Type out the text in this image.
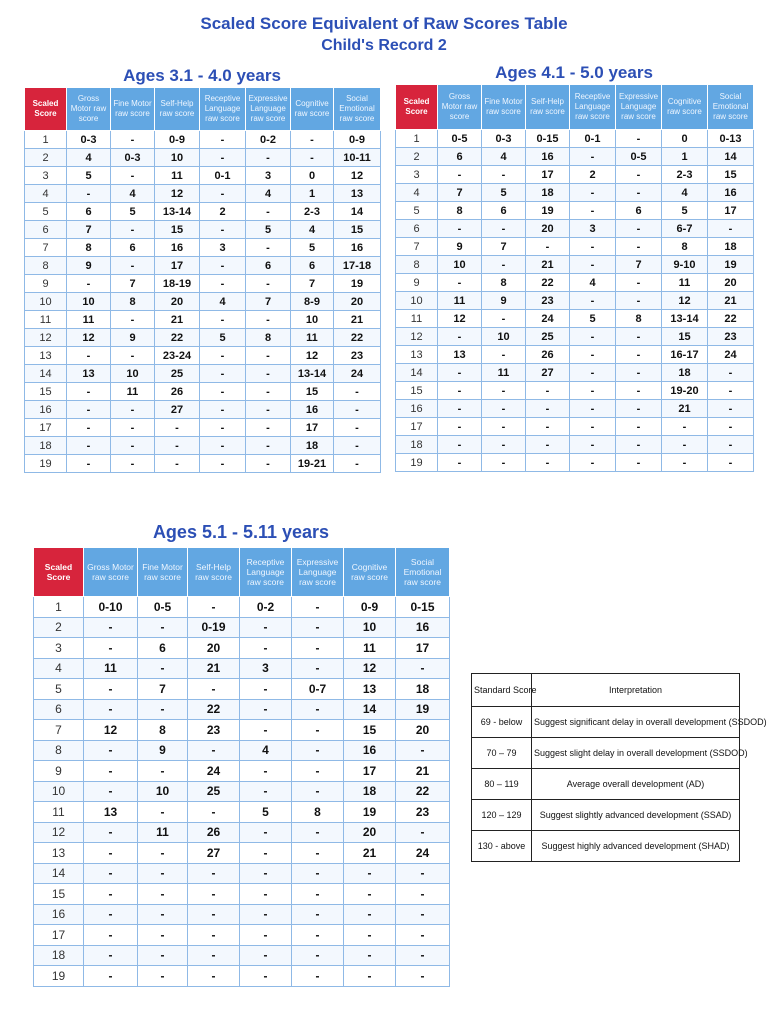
Scaled Score Equivalent of Raw Scores Table
Child's Record 2
Ages 3.1 - 4.0 years
Scaled Score	Gross Motor raw score	Fine Motor raw score	Self-Help raw score	Receptive Language raw score	Expressive Language raw score	Cognitive raw score	Social Emotional raw score
1	0-3	-	0-9	-	0-2	-	0-9
2	4	0-3	10	-	-	-	10-11
3	5	-	11	0-1	3	0	12
4	-	4	12	-	4	1	13
5	6	5	13-14	2	-	2-3	14
6	7	-	15	-	5	4	15
7	8	6	16	3	-	5	16
8	9	-	17	-	6	6	17-18
9	-	7	18-19	-	-	7	19
10	10	8	20	4	7	8-9	20
11	11	-	21	-	-	10	21
12	12	9	22	5	8	11	22
13	-	-	23-24	-	-	12	23
14	13	10	25	-	-	13-14	24
15	-	11	26	-	-	15	-
16	-	-	27	-	-	16	-
17	-	-	-	-	-	17	-
18	-	-	-	-	-	18	-
19	-	-	-	-	-	19-21	-
Ages 4.1 - 5.0 years
Scaled Score	Gross Motor raw score	Fine Motor raw score	Self-Help raw score	Receptive Language raw score	Expressive Language raw score	Cognitive raw score	Social Emotional raw score
1	0-5	0-3	0-15	0-1	-	0	0-13
2	6	4	16	-	0-5	1	14
3	-	-	17	2	-	2-3	15
4	7	5	18	-	-	4	16
5	8	6	19	-	6	5	17
6	-	-	20	3	-	6-7	-
7	9	7	-	-	-	8	18
8	10	-	21	-	7	9-10	19
9	-	8	22	4	-	11	20
10	11	9	23	-	-	12	21
11	12	-	24	5	8	13-14	22
12	-	10	25	-	-	15	23
13	13	-	26	-	-	16-17	24
14	-	11	27	-	-	18	-
15	-	-	-	-	-	19-20	-
16	-	-	-	-	-	21	-
17	-	-	-	-	-	-	-
18	-	-	-	-	-	-	-
19	-	-	-	-	-	-	-
Ages 5.1 - 5.11 years
Scaled Score	Gross Motor raw score	Fine Motor raw score	Self-Help raw score	Receptive Language raw score	Expressive Language raw score	Cognitive raw score	Social Emotional raw score
1	0-10	0-5	-	0-2	-	0-9	0-15
2	-	-	0-19	-	-	10	16
3	-	6	20	-	-	11	17
4	11	-	21	3	-	12	-
5	-	7	-	-	0-7	13	18
6	-	-	22	-	-	14	19
7	12	8	23	-	-	15	20
8	-	9	-	4	-	16	-
9	-	-	24	-	-	17	21
10	-	10	25	-	-	18	22
11	13	-	-	5	8	19	23
12	-	11	26	-	-	20	-
13	-	-	27	-	-	21	24
14	-	-	-	-	-	-	-
15	-	-	-	-	-	-	-
16	-	-	-	-	-	-	-
17	-	-	-	-	-	-	-
18	-	-	-	-	-	-	-
19	-	-	-	-	-	-	-
Standard Score	Interpretation
69 - below	Suggest significant delay in overall development (SSDOD)
70 – 79	Suggest slight delay in overall development (SSDOD)
80 – 119	Average overall development (AD)
120 – 129	Suggest slightly advanced development (SSAD)
130 - above	Suggest highly advanced development (SHAD)
